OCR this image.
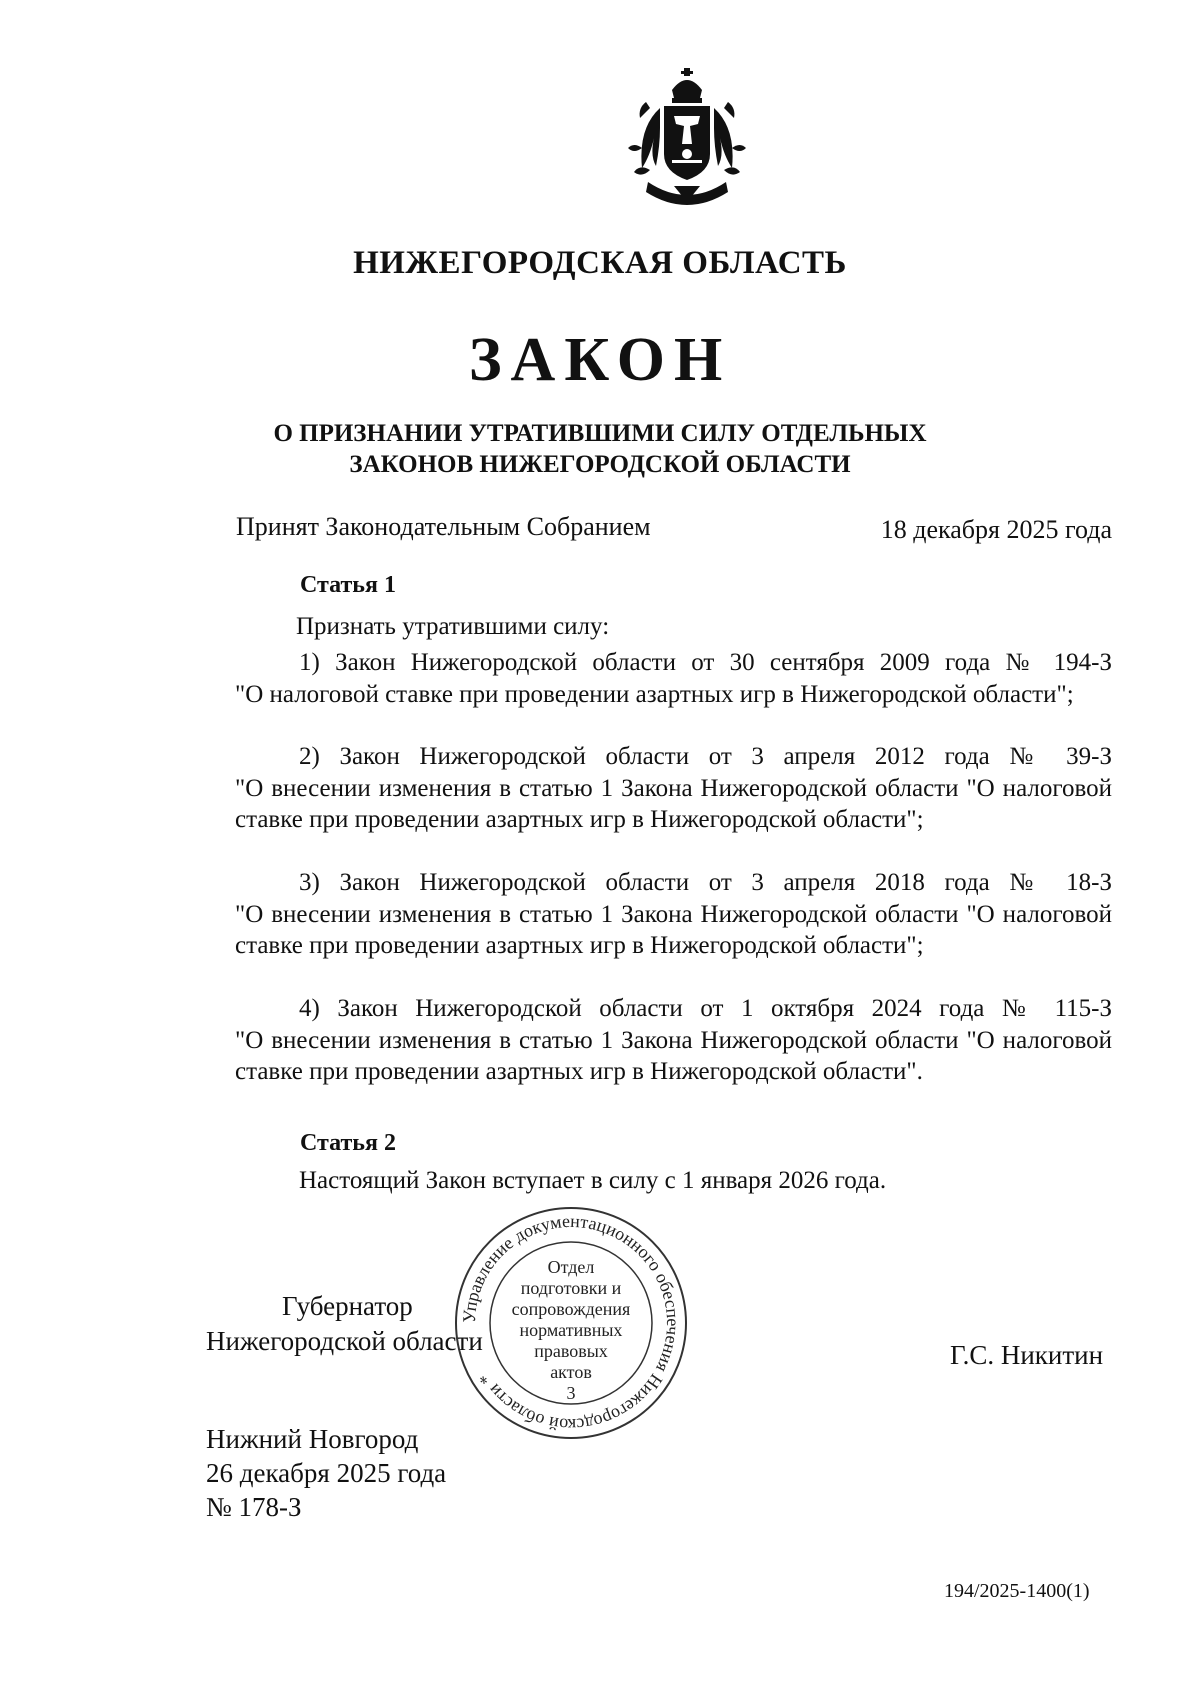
НИЖЕГОРОДСКАЯ ОБЛАСТЬ
ЗАКОН
О ПРИЗНАНИИ УТРАТИВШИМИ СИЛУ ОТДЕЛЬНЫХ
ЗАКОНОВ НИЖЕГОРОДСКОЙ ОБЛАСТИ
Принят Законодательным Собранием	18 декабря 2025 года
Статья 1
Признать утратившими силу:
1) Закон Нижегородской области от 30 сентября 2009 года № 194-З
"О налоговой ставке при проведении азартных игр в Нижегородской области";
2) Закон Нижегородской области от 3 апреля 2012 года № 39-З
"О внесении изменения в статью 1 Закона Нижегородской области "О налоговой ставке при проведении азартных игр в Нижегородской области";
3) Закон Нижегородской области от 3 апреля 2018 года № 18-З
"О внесении изменения в статью 1 Закона Нижегородской области "О налоговой ставке при проведении азартных игр в Нижегородской области";
4) Закон Нижегородской области от 1 октября 2024 года № 115-З
"О внесении изменения в статью 1 Закона Нижегородской области "О налоговой ставке при проведении азартных игр в Нижегородской области".
Статья 2
Настоящий Закон вступает в силу с 1 января 2026 года.
Губернатор
Нижегородской области	Г.С. Никитин
Управление документационного обеспечения Нижегородской области *
Отдел
подготовки и
сопровождения
нормативных
правовых
актов
3
Нижний Новгород
26 декабря 2025 года
№ 178-З
194/2025-1400(1)
